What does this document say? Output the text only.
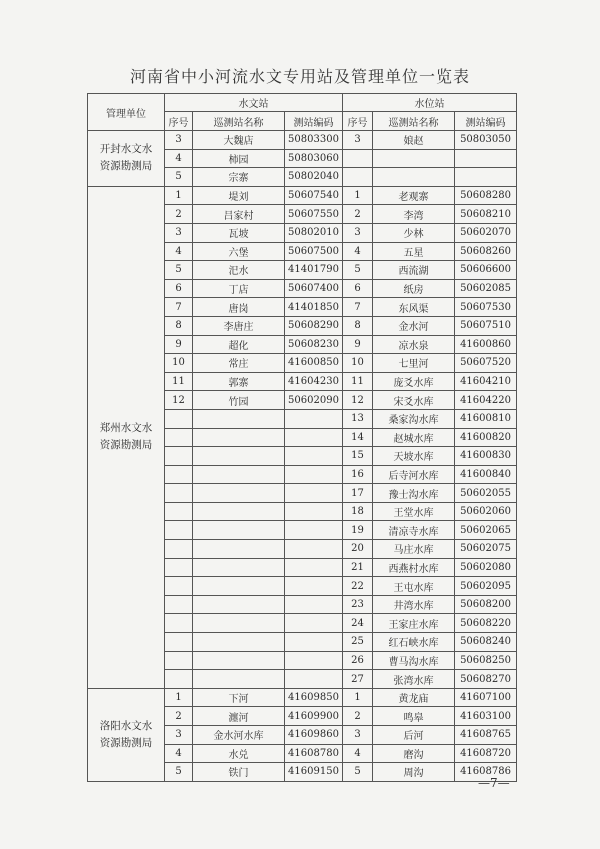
河南省中小河流水文专用站及管理单位一览表
管理单位	水文站			水位站		
	序号	巡测站名称	测站编码	序号	巡测站名称	测站编码
开封水文水资源勘测局	3	大魏店	50803300	3	娘赵	50803050
	4	柿园	50803060			
	5	宗寨	50802040			
郑州水文水资源勘测局	1	堤刘	50607540	1	老观寨	50608280
	2	吕家村	50607550	2	李湾	50608210
	3	瓦坡	50802010	3	少林	50602070
	4	六堡	50607500	4	五星	50608260
	5	汜水	41401790	5	西流湖	50606600
	6	丁店	50607400	6	纸房	50602085
	7	唐岗	41401850	7	东风渠	50607530
	8	李唐庄	50608290	8	金水河	50607510
	9	超化	50608230	9	凉水泉	41600860
	10	常庄	41600850	10	七里河	50607520
	11	郭寨	41604230	11	庞爻水库	41604210
	12	竹园	50602090	12	宋爻水库	41604220
				13	桑家沟水库	41600810
				14	赵城水库	41600820
				15	天坡水库	41600830
				16	后寺河水库	41600840
				17	豫士沟水库	50602055
				18	王堂水库	50602060
				19	清凉寺水库	50602065
				20	马庄水库	50602075
				21	西燕村水库	50602080
				22	王屯水库	50602095
				23	井湾水库	50608200
				24	王家庄水库	50608220
				25	红石峡水库	50608240
				26	曹马沟水库	50608250
				27	张湾水库	50608270
洛阳水文水资源勘测局	1	下河	41609850	1	黄龙庙	41607100
	2	瀍河	41609900	2	鸣皋	41603100
	3	金水河水库	41609860	3	后河	41608765
	4	水兑	41608780	4	磨沟	41608720
	5	铁门	41609150	5	周沟	41608786
—7—
